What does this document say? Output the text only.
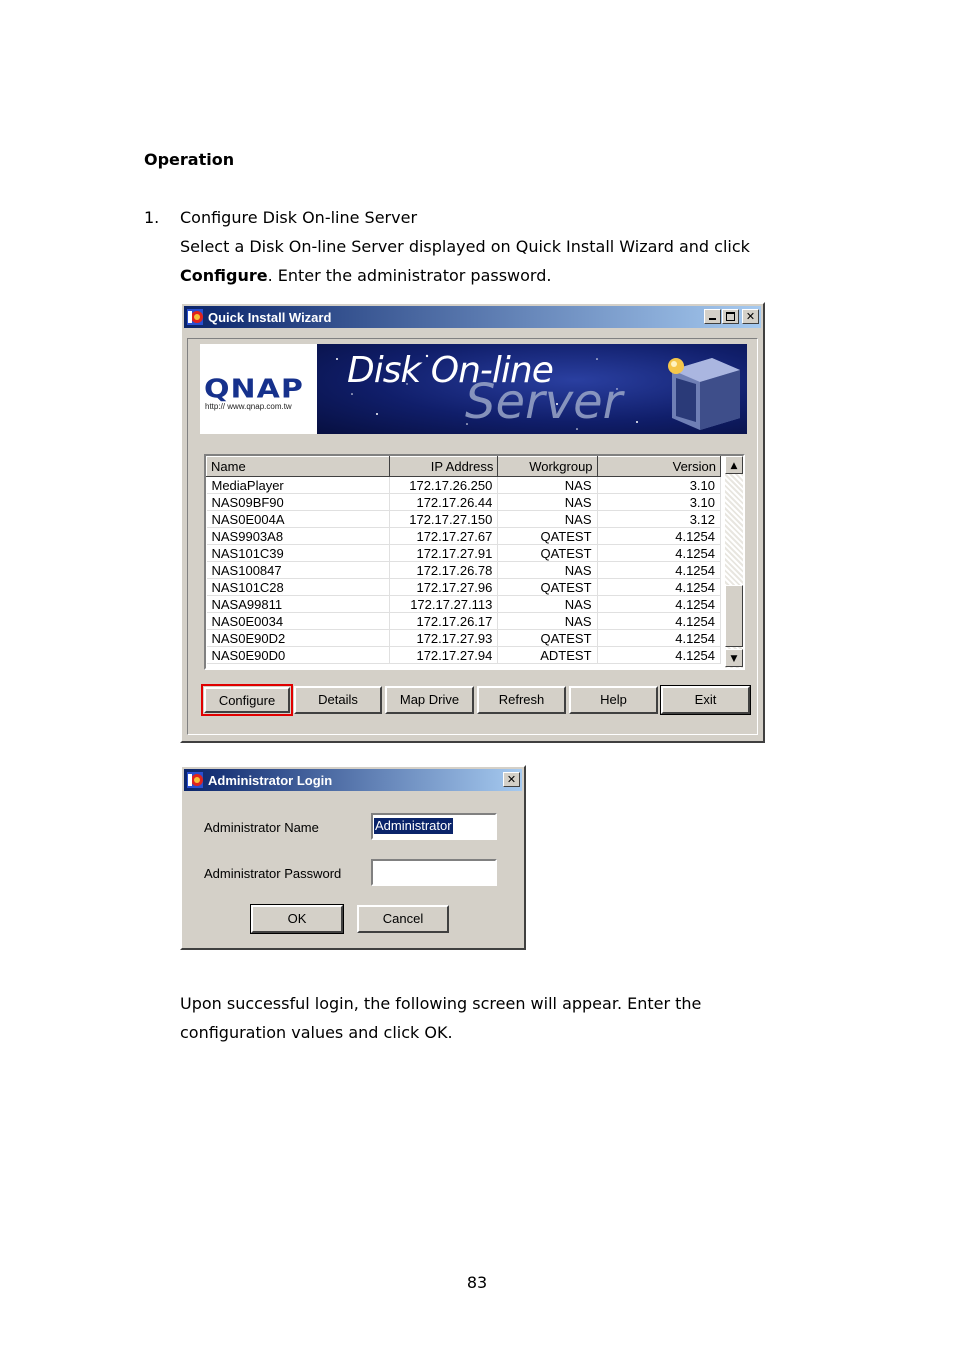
Operation
1. Configure Disk On-line Server
Select a Disk On-line Server displayed on Quick Install Wizard and click
Configure. Enter the administrator password.
Quick Install Wizard	✕
QNAP
http:// www.qnap.com.tw
Disk On-line
Server
Name	IP Address	Workgroup	Version
MediaPlayer	172.17.26.250	NAS	3.10
NAS09BF90	172.17.26.44	NAS	3.10
NAS0E004A	172.17.27.150	NAS	3.12
NAS9903A8	172.17.27.67	QATEST	4.1254
NAS101C39	172.17.27.91	QATEST	4.1254
NAS100847	172.17.26.78	NAS	4.1254
NAS101C28	172.17.27.96	QATEST	4.1254
NASA99811	172.17.27.113	NAS	4.1254
NAS0E0034	172.17.26.17	NAS	4.1254
NAS0E90D2	172.17.27.93	QATEST	4.1254
NAS0E90D0	172.17.27.94	ADTEST	4.1254
▲
▼
Configure	Details	Map Drive	Refresh	Help	Exit
Administrator Login	✕
Administrator Name	Administrator
Administrator Password
OK	Cancel
Upon successful login, the following screen will appear. Enter the
configuration values and click OK.
83
